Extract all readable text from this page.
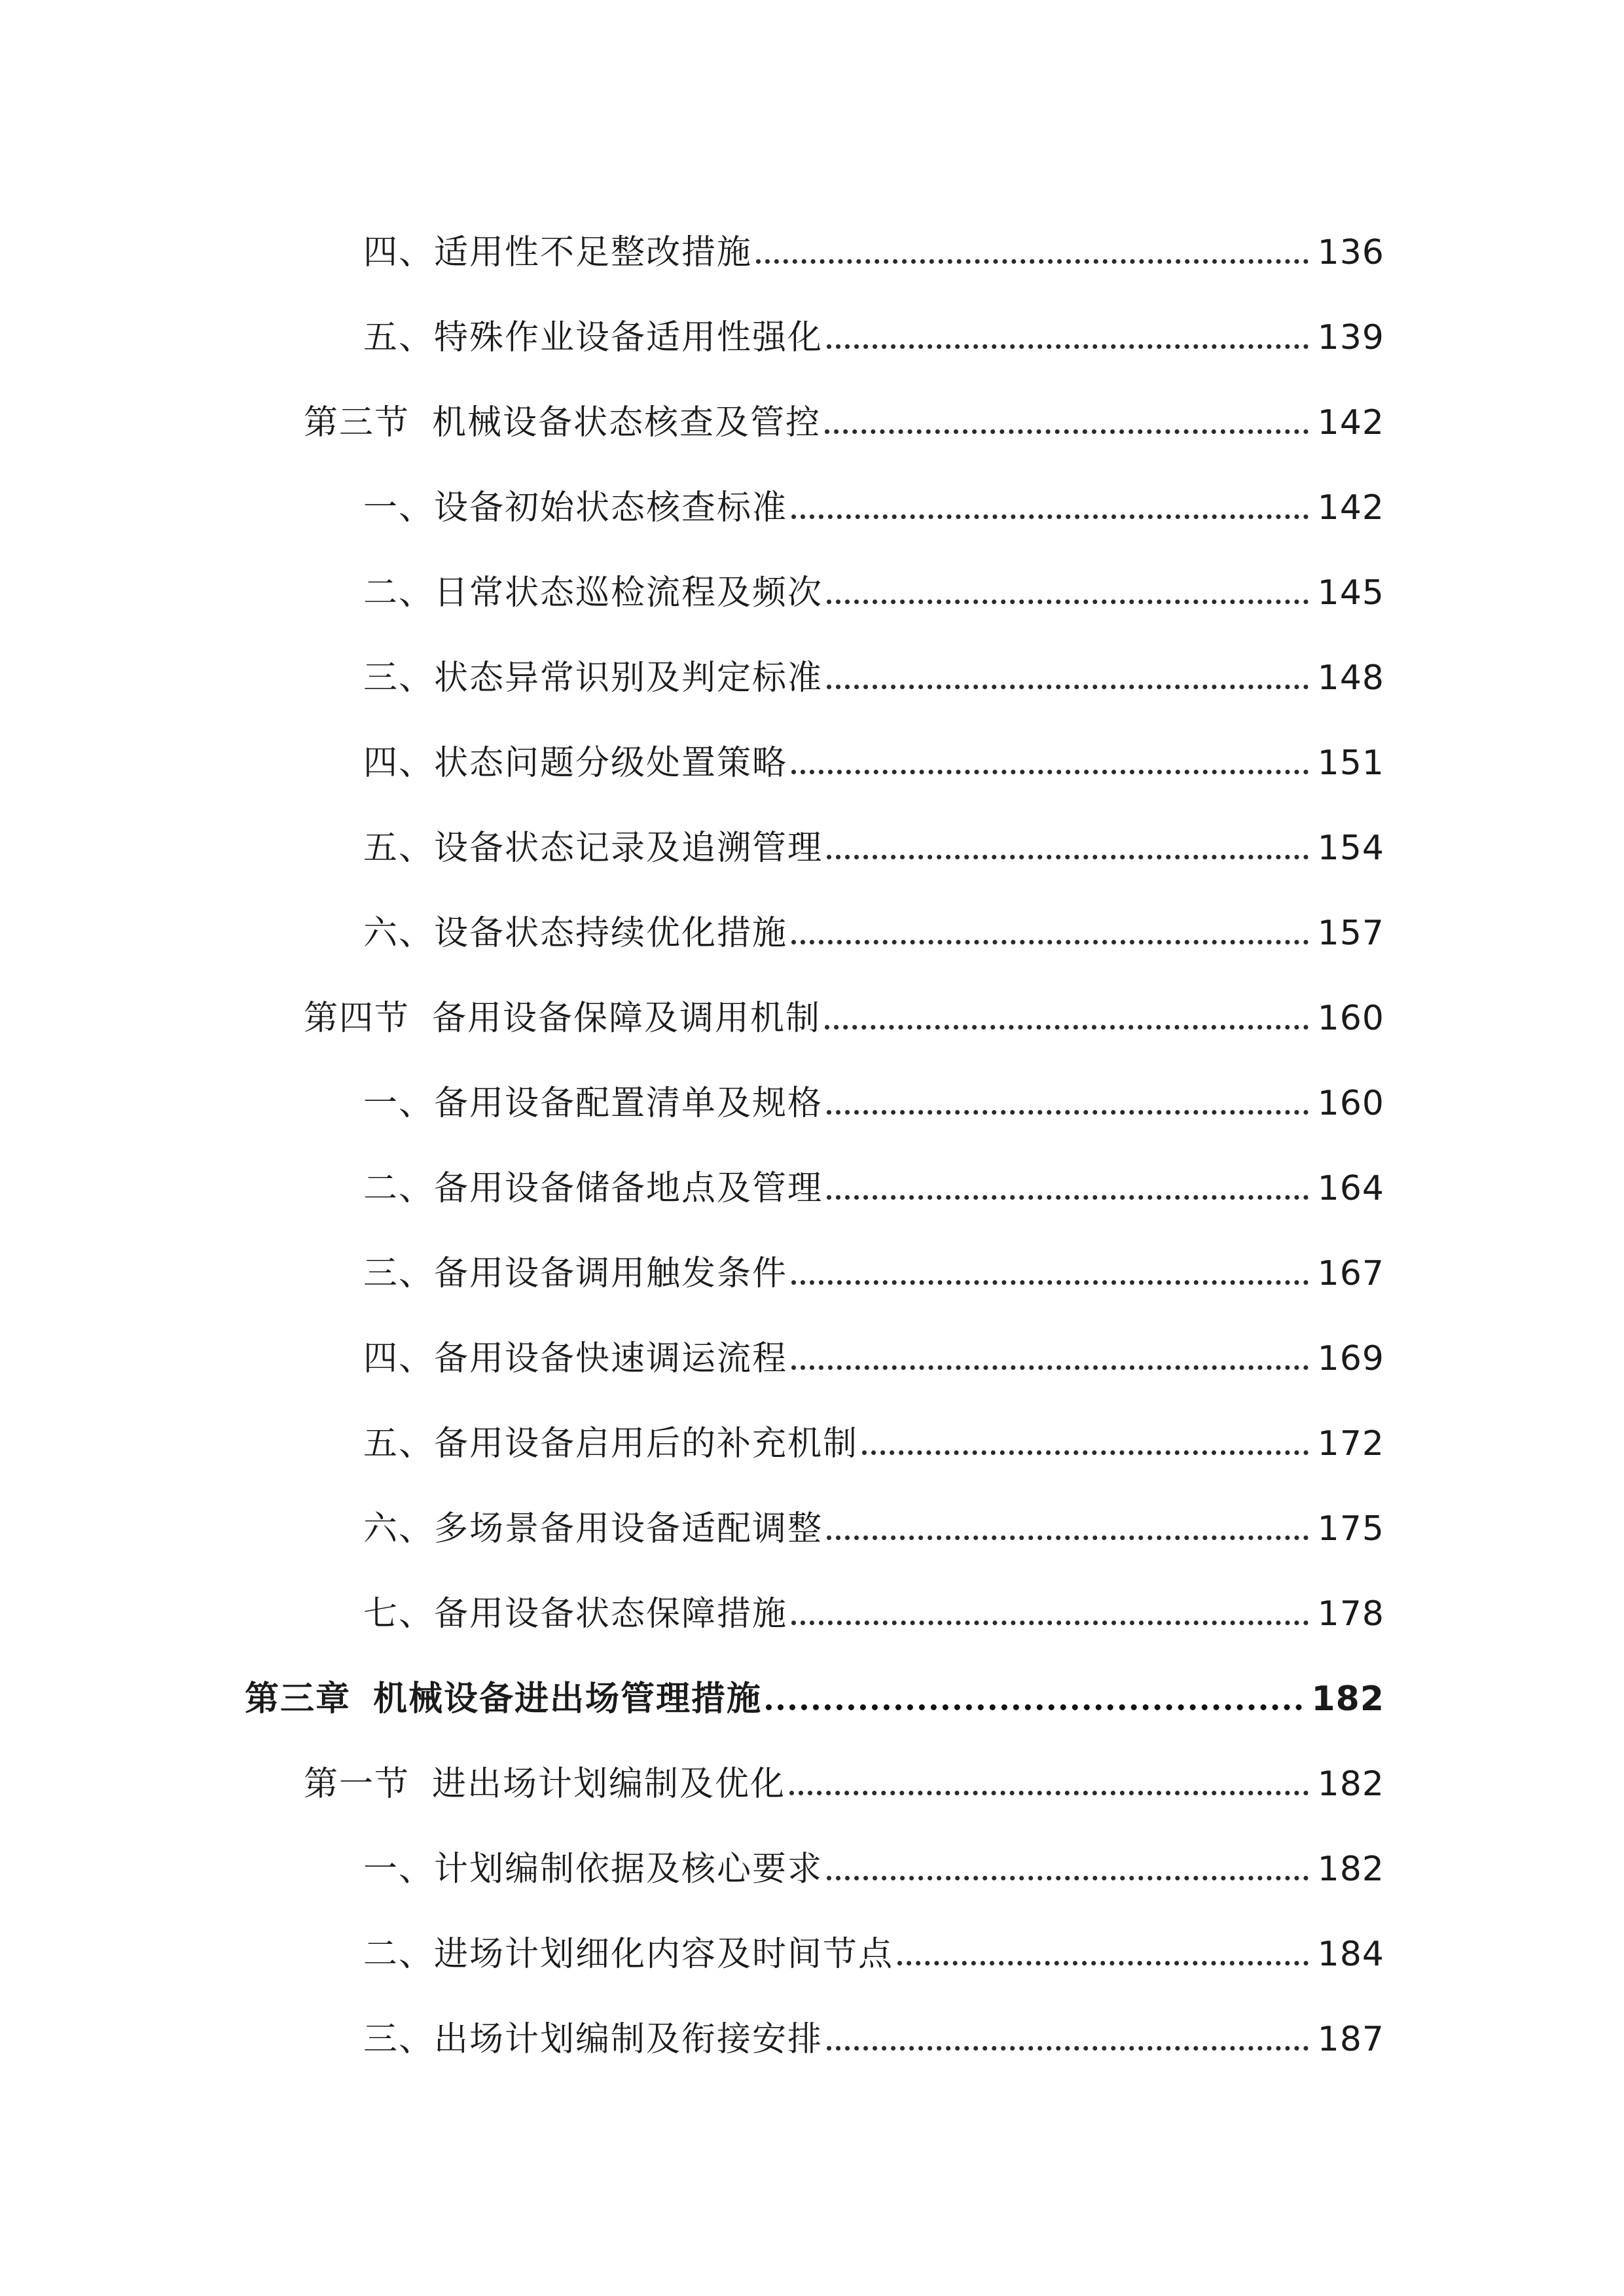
四、适用性不足整改措施	136
五、特殊作业设备适用性强化	139
第三节 机械设备状态核查及管控	142
一、设备初始状态核查标准	142
二、日常状态巡检流程及频次	145
三、状态异常识别及判定标准	148
四、状态问题分级处置策略	151
五、设备状态记录及追溯管理	154
六、设备状态持续优化措施	157
第四节 备用设备保障及调用机制	160
一、备用设备配置清单及规格	160
二、备用设备储备地点及管理	164
三、备用设备调用触发条件	167
四、备用设备快速调运流程	169
五、备用设备启用后的补充机制	172
六、多场景备用设备适配调整	175
七、备用设备状态保障措施	178
第三章 机械设备进出场管理措施	182
第一节 进出场计划编制及优化	182
一、计划编制依据及核心要求	182
二、进场计划细化内容及时间节点	184
三、出场计划编制及衔接安排	187
